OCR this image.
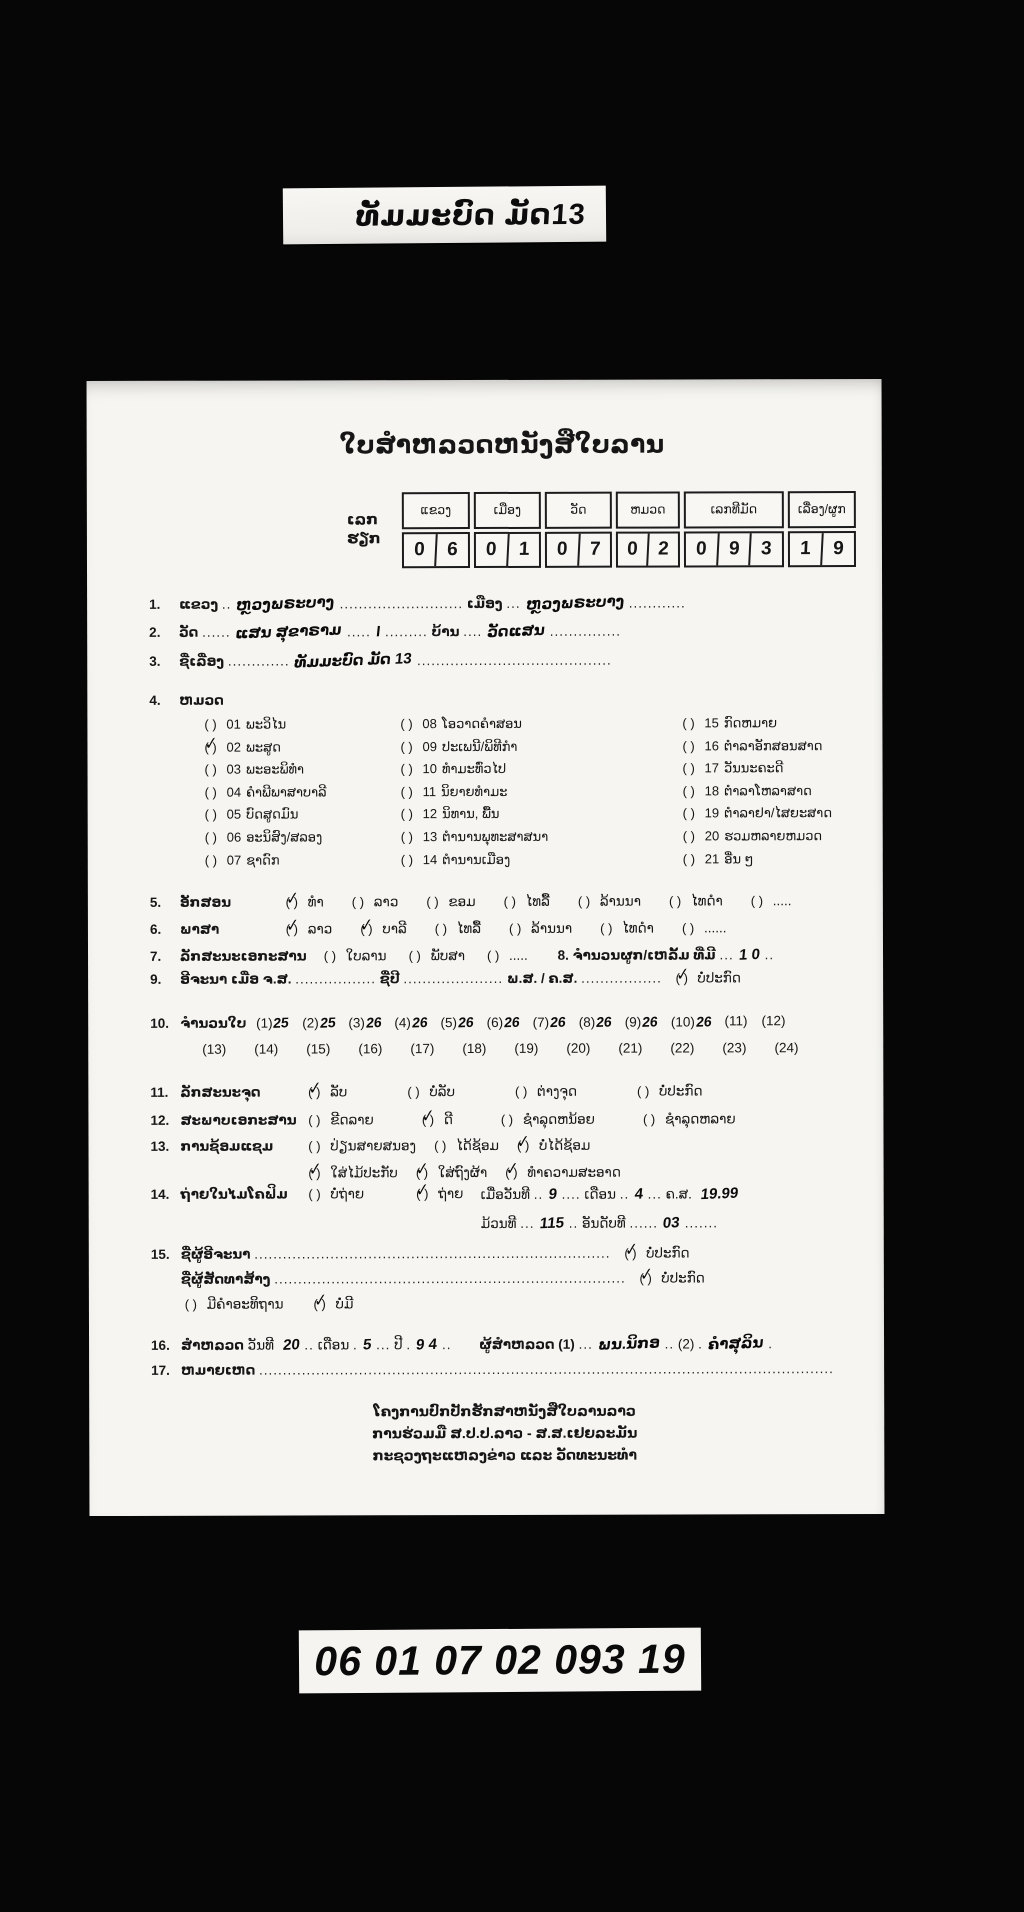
ທັມມະບົດ ມັດ13
ໃບສຳຫລວດຫນັງສືໃບລານ
ເລກຮຽກ
ແຂວງ
0	6
ເມືອງ
0	1
ວັດ
0	7
ຫມວດ
0	2
ເລກທີມັດ
0	9	3
ເລື່ອງ/ຜູກ
1	9
1. ແຂວງ .. ຫຼວງພຣະບາງ .......................... ເມືອງ ... ຫຼວງພຣະບາງ ............
2. ວັດ ...... ແສນ ສຸຂາຣາມ ..... I ......... ບ້ານ .... ວັດແສນ ...............
3. ຊື່ເລື່ອງ ............. ທັມມະບົດ ມັດ 13 .........................................
4. ຫມວດ
( )01 ພະວິໄນ
( ) ✓02 ພະສູດ
( )03 ພະອະພິທຳ
( )04 ຄຳພີພາສາບາລີ
( )05 ບົດສູດມົນ
( )06 ອະນິສົງ/ສລອງ
( )07 ຊາດົກ
( )08 ໂອວາດຄຳສອນ
( )09 ປະເພນີ/ພິທີກຳ
( )10 ທຳມະທົ່ວໄປ
( )11 ນິຍາຍທຳມະ
( )12 ນິທານ, ພື້ນ
( )13 ຕຳນານພຸທະສາສນາ
( )14 ຕຳນານເມືອງ
( )15 ກົດຫມາຍ
( )16 ຕຳລາອັກສອນສາດ
( )17 ວັນນະຄະດີ
( )18 ຕຳລາໂຫລາສາດ
( )19 ຕຳລາຢາ/ໄສຍະສາດ
( )20 ຮວມຫລາຍຫມວດ
( )21 ອື່ນ ໆ
5. ອັກສອນ ( ) ✓	ທຳ ( )	ລາວ ( )	ຂອມ ( )	ໄທລື້ ( )	ລ້ານນາ ( )	ໄທດຳ ( )	.....
6. ພາສາ ( ) ✓	ລາວ ( ) ✓	ບາລີ ( )	ໄທລື້ ( )	ລ້ານນາ ( )	ໄທດຳ ( )	......
7. ລັກສະນະເອກະສານ ( )	ໃບລານ ( )	ພັບສາ ( )	..... 8. ຈຳນວນຜູກ/ເຫລັ້ມ ທີ່ມີ ... 1 0 ..
9. ອີຈະນາ ເມື່ອ ຈ.ສ. ................. ຊື່ປີ ..................... ພ.ສ. / ຄ.ສ. ................. ( ) ✓	ບໍ່ປະກົດ
10. ຈຳນວນໃບ (1)25 (2)25 (3)26 (4)26 (5)26 (6)26 (7)26 (8)26 (9)26 (10)26 (11) (12)
(13) (14) (15) (16) (17) (18) (19) (20) (21) (22) (23) (24)
11. ລັກສະນະຈຸດ ( ) ✓	ລັບ ( )	ບໍ່ລັບ ( )	ຕ່າງຈຸດ ( )	ບໍ່ປະກົດ
12. ສະພາບເອກະສານ ( )	ຂີດລາຍ ( ) ✓	ດີ ( )	ຊຳລຸດຫນ້ອຍ ( )	ຊຳລຸດຫລາຍ
13. ການຊ້ອມແຊມ ( )	ປ່ຽນສາຍສນອງ ( )	ໄດ້ຊ້ອມ ( ) ✓	ບໍ່ໄດ້ຊ້ອມ
( ) ✓ໃສ່ໄມ້ປະກັບ ( ) ✓	ໃສ່ຖົງຜ້າ ( ) ✓	ທຳຄວາມສະອາດ
14. ຖ່າຍໃນໄມໂຄຟິມ ( )	ບໍ່ຖ່າຍ ( ) ✓	ຖ່າຍ ເມື່ອວັນທີ .. 9 .... ເດືອນ .. 4 ... ຄ.ສ. 19.99
ມ້ວນທີ ... 115 .. ອັນດັບທີ ...... 03 .......
15. ຊື່ຜູ້ອີຈະນາ ........................................................................... ( ) ✓	ບໍ່ປະກົດ
ຊື່ຜູ້ສັດທາສ້າງ .......................................................................... ( ) ✓	ບໍ່ປະກົດ

( )ມີຄຳອະທິຖານ ( ) ✓	ບໍ່ມີ
16. ສຳຫລວດ ວັນທີ 20 .. ເດືອນ . 5 ... ປີ . 9 4 .. ຜູ້ສຳຫລວດ (1) ... ພນ.ນິກອ .. (2) . ຄຳສຸລິນ .
17. ຫມາຍເຫດ .........................................................................................................................
ໂຄງການປົກປັກຮັກສາຫນັງສືໃບລານລາວ
ການຮ່ວມມື ສ.ປ.ປ.ລາວ - ສ.ສ.ເຢຍລະມັນ
ກະຊວງຖະແຫລງຂ່າວ ແລະ ວັດທະນະທຳ
06 01 07 02 093 19
